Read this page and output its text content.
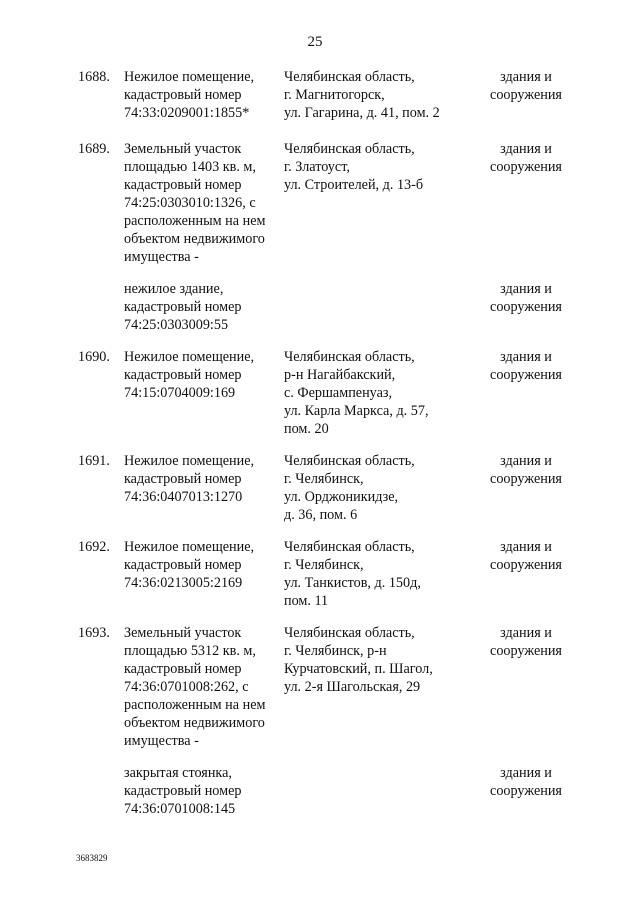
25
1688. Нежилое помещение,
кадастровый номер
74:33:0209001:1855*
Челябинская область,
г. Магнитогорск,
ул. Гагарина, д. 41, пом. 2
здания и
сооружения
1689. Земельный участок
площадью 1403 кв. м,
кадастровый номер
74:25:0303010:1326, с
расположенным на нем
объектом недвижимого
имущества -
Челябинская область,
г. Златоуст,
ул. Строителей, д. 13-б
здания и
сооружения
нежилое здание,
кадастровый номер
74:25:0303009:55
здания и
сооружения
1690. Нежилое помещение,
кадастровый номер
74:15:0704009:169
Челябинская область,
р-н Нагайбакский,
с. Фершампенуаз,
ул. Карла Маркса, д. 57,
пом. 20
здания и
сооружения
1691. Нежилое помещение,
кадастровый номер
74:36:0407013:1270
Челябинская область,
г. Челябинск,
ул. Орджоникидзе,
д. 36, пом. 6
здания и
сооружения
1692. Нежилое помещение,
кадастровый номер
74:36:0213005:2169
Челябинская область,
г. Челябинск,
ул. Танкистов, д. 150д,
пом. 11
здания и
сооружения
1693. Земельный участок
площадью 5312 кв. м,
кадастровый номер
74:36:0701008:262, с
расположенным на нем
объектом недвижимого
имущества -
Челябинская область,
г. Челябинск, р-н
Курчатовский, п. Шагол,
ул. 2-я Шагольская, 29
здания и
сооружения
закрытая стоянка,
кадастровый номер
74:36:0701008:145
здания и
сооружения
3683829
